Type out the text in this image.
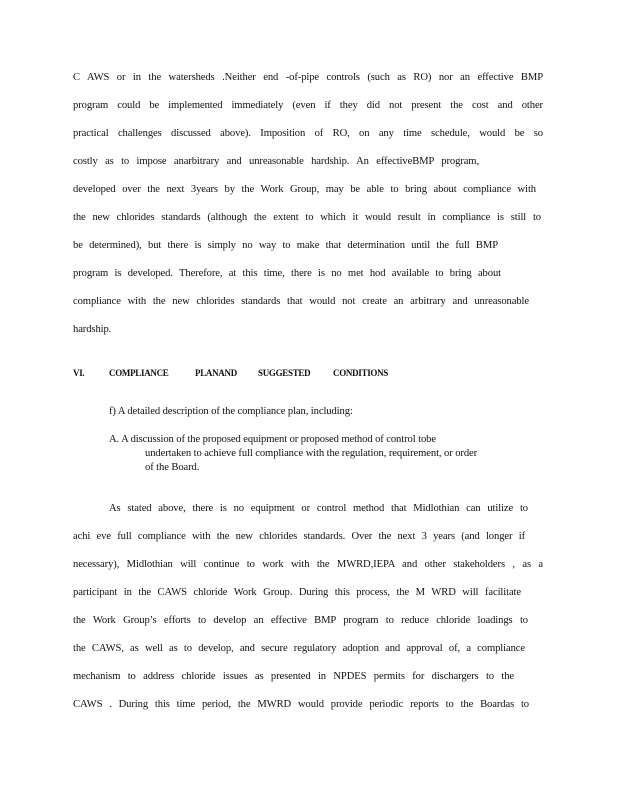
C AWS or in the watersheds .Neither end -of-pipe controls (such as RO) nor an effective BMP
program could be implemented immediately (even if they did not present the cost and other
practical challenges discussed above). Imposition of RO, on any time schedule, would be so
costly as to impose anarbitrary and unreasonable hardship. An effectiveBMP program,
developed over the next 3years by the Work Group, may be able to bring about compliance with
the new chlorides standards (although the extent to which it would result in compliance is still to
be determined), but there is simply no way to make that determination until the full BMP
program is developed. Therefore, at this time, there is no met hod available to bring about
compliance with the new chlorides standards that would not create an arbitrary and unreasonable
hardship.
VI.	COMPLIANCE	PLANAND SUGGESTED	CONDITIONS
f) A detailed description of the compliance plan, including:
A. A discussion of the proposed equipment or proposed method of control tobe
undertaken to achieve full compliance with the regulation, requirement, or order
of the Board.
As stated above, there is no equipment or control method that Midlothian can utilize to
achi eve full compliance with the new chlorides standards. Over the next 3 years (and longer if
necessary), Midlothian will continue to work with the MWRD,IEPA and other stakeholders , as a
participant in the CAWS chloride Work Group. During this process, the M WRD will facilitate
the Work Group’s efforts to develop an effective BMP program to reduce chloride loadings to
the CAWS, as well as to develop, and secure regulatory adoption and approval of, a compliance
mechanism to address chloride issues as presented in NPDES permits for dischargers to the
CAWS . During this time period, the MWRD would provide periodic reports to the Boardas to
